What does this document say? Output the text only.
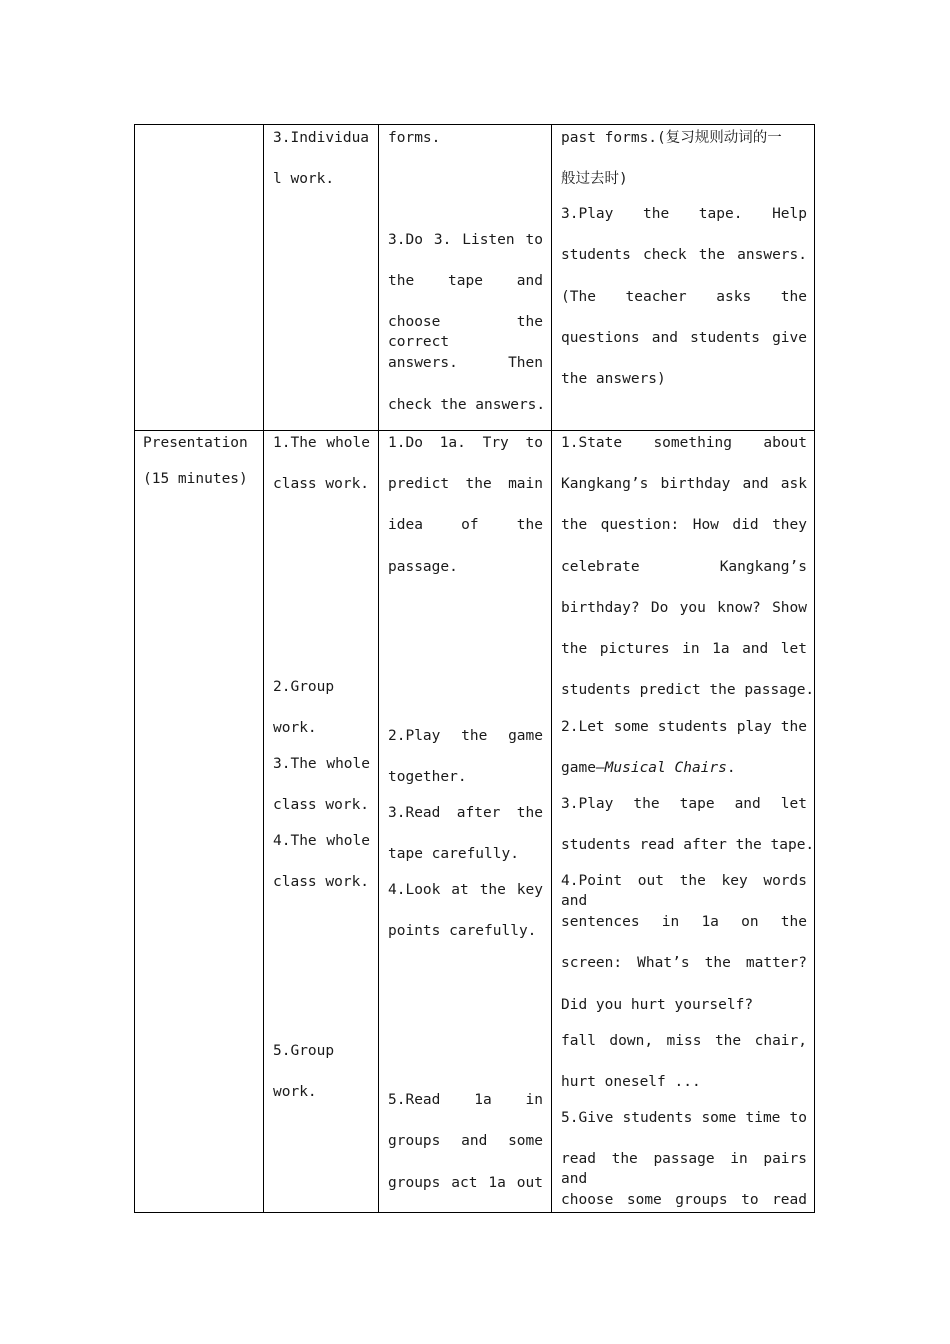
3.Individua
l work.
forms.
3.Do 3. Listen to
the tape and
choose the correct
answers. Then
check the answers.
past forms.(复习规则动词的一
般过去时)
3.Play the tape. Help
students check the answers.
(The teacher asks the
questions and students give
the answers)
Presentation
(15 minutes)
1.The whole
class work.
2.Group
work.
3.The whole
class work.
4.The whole
class work.
5.Group
work.
1.Do 1a. Try to
predict the main
idea of the
passage.
2.Play the game
together.
3.Read after the
tape carefully.
4.Look at the key
points carefully.
5.Read 1a in
groups and some
groups act 1a out
1.State something about
Kangkang’s birthday and ask
the question: How did they
celebrate Kangkang’s
birthday? Do you know? Show
the pictures in 1a and let
students predict the passage.
2.Let some students play the
game—Musical Chairs.
3.Play the tape and let
students read after the tape.
4.Point out the key words and
sentences in 1a on the
screen: What’s the matter?
Did you hurt yourself?
fall down, miss the chair,
hurt oneself ...
5.Give students some time to
read the passage in pairs and
choose some groups to read
